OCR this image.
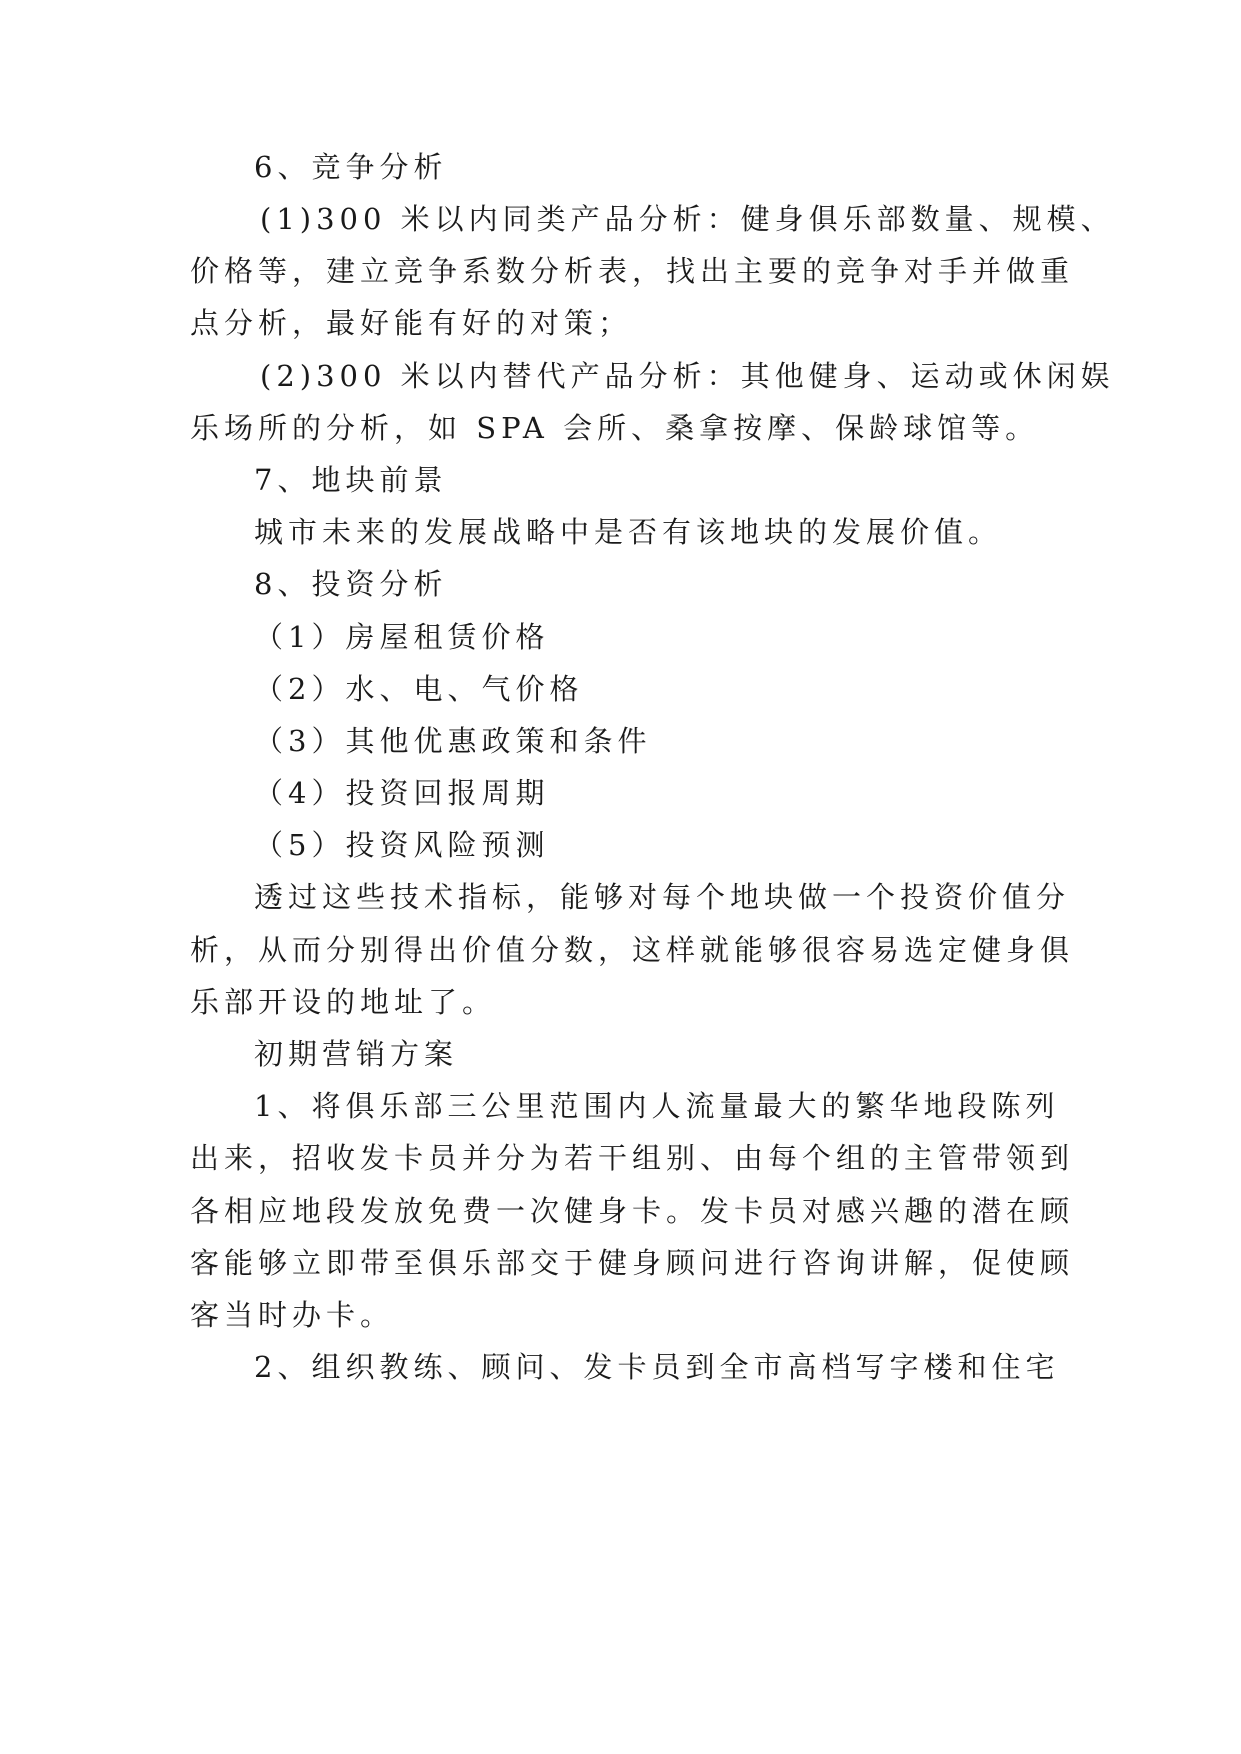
6、竞争分析
(1)300 米以内同类产品分析：健身俱乐部数量、规模、
价格等，建立竞争系数分析表，找出主要的竞争对手并做重
点分析，最好能有好的对策；
(2)300 米以内替代产品分析：其他健身、运动或休闲娱
乐场所的分析，如 SPA 会所、桑拿按摩、保龄球馆等。
7、地块前景
城市未来的发展战略中是否有该地块的发展价值。
8、投资分析
（1）房屋租赁价格
（2）水、电、气价格
（3）其他优惠政策和条件
（4）投资回报周期
（5）投资风险预测
透过这些技术指标，能够对每个地块做一个投资价值分
析，从而分别得出价值分数，这样就能够很容易选定健身俱
乐部开设的地址了。
初期营销方案
1、将俱乐部三公里范围内人流量最大的繁华地段陈列
出来，招收发卡员并分为若干组别、由每个组的主管带领到
各相应地段发放免费一次健身卡。发卡员对感兴趣的潜在顾
客能够立即带至俱乐部交于健身顾问进行咨询讲解，促使顾
客当时办卡。
2、组织教练、顾问、发卡员到全市高档写字楼和住宅
